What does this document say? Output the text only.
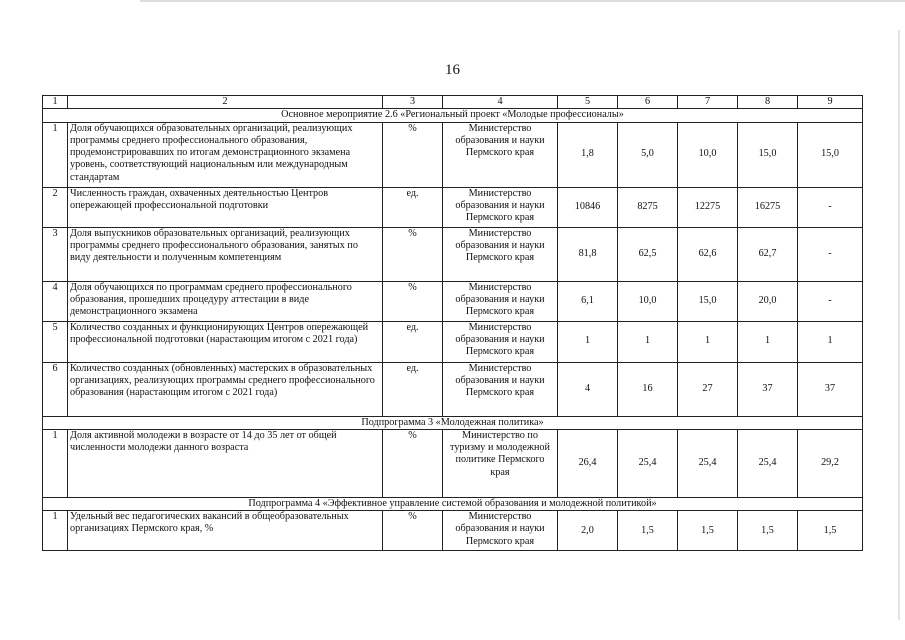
16
1	2	3	4	5	6	7	8	9
Основное мероприятие 2.6 «Региональный проект «Молодые профессионалы»								
1	Доля обучающихся образовательных организаций, реализующих программы среднего профессионального образования, продемонстрировавших по итогам демонстрационного экзамена уровень, соответствующий национальным или международным стандартам	%	Министерство образования и науки Пермского края	1,8	5,0	10,0	15,0	15,0
2	Численность граждан, охваченных деятельностью Центров опережающей профессиональной подготовки	ед.	Министерство образования и науки Пермского края	10846	8275	12275	16275	-
3	Доля выпускников образовательных организаций, реализующих программы среднего профессионального образования, занятых по виду деятельности и полученным компетенциям	%	Министерство образования и науки Пермского края	81,8	62,5	62,6	62,7	-
4	Доля обучающихся по программам среднего профессионального образования, прошедших процедуру аттестации в виде демонстрационного экзамена	%	Министерство образования и науки Пермского края	6,1	10,0	15,0	20,0	-
5	Количество созданных и функционирующих Центров опережающей профессиональной подготовки (нарастающим итогом с 2021 года)	ед.	Министерство образования и науки Пермского края	1	1	1	1	1
6	Количество созданных (обновленных) мастерских в образовательных организациях, реализующих программы среднего профессионального образования (нарастающим итогом с 2021 года)	ед.	Министерство образования и науки Пермского края	4	16	27	37	37
Подпрограмма 3 «Молодежная политика»								
1	Доля активной молодежи в возрасте от 14 до 35 лет от общей численности молодежи данного возраста	%	Министерство по туризму и молодежной политике Пермского края	26,4	25,4	25,4	25,4	29,2
Подпрограмма 4 «Эффективное управление системой образования и молодежной политикой»								
1	Удельный вес педагогических вакансий в общеобразовательных организациях Пермского края, %	%	Министерство образования и науки Пермского края	2,0	1,5	1,5	1,5	1,5
